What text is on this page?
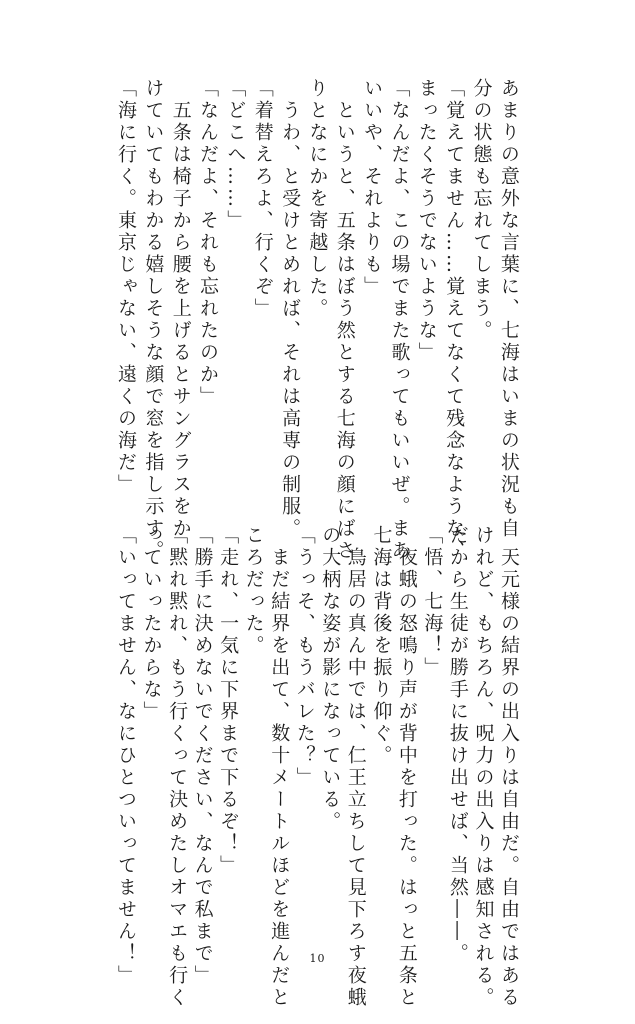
あまりの意外な言葉に、七海はいまの状況も自
分の状態も忘れてしまう。
「覚えてません……覚えてなくて残念なような、
まったくそうでないような」
「なんだよ、この場でまた歌ってもいいぜ。まあ
いいや、それよりも」
　というと、五条はぼう然とする七海の顔にばさ
りとなにかを寄越した。
　うわ、と受けとめれば、それは高専の制服。
「着替えろよ、行くぞ」
「どこへ……」
「なんだよ、それも忘れたのか」
　五条は椅子から腰を上げるとサングラスをか
けていてもわかる嬉しそうな顔で窓を指し示す。
「海に行く。東京じゃない、遠くの海だ」
　天元様の結界の出入りは自由だ。自由ではある
けれど、もちろん、呪力の出入りは感知される。
だから生徒が勝手に抜け出せば、当然――。
「悟、七海！」
　夜蛾の怒鳴り声が背中を打った。はっと五条と
七海は背後を振り仰ぐ。
　鳥居の真ん中では、仁王立ちして見下ろす夜蛾
の大柄な姿が影になっている。
「うっそ、もうバレた？」
　まだ結界を出て、数十メートルほどを進んだと
ころだった。
「走れ、一気に下界まで下るぞ！」
「勝手に決めないでください、なんで私まで」
「黙れ黙れ、もう行くって決めたしオマエも行く
っていったからな」
「いってません、なにひとついってません！」	10
